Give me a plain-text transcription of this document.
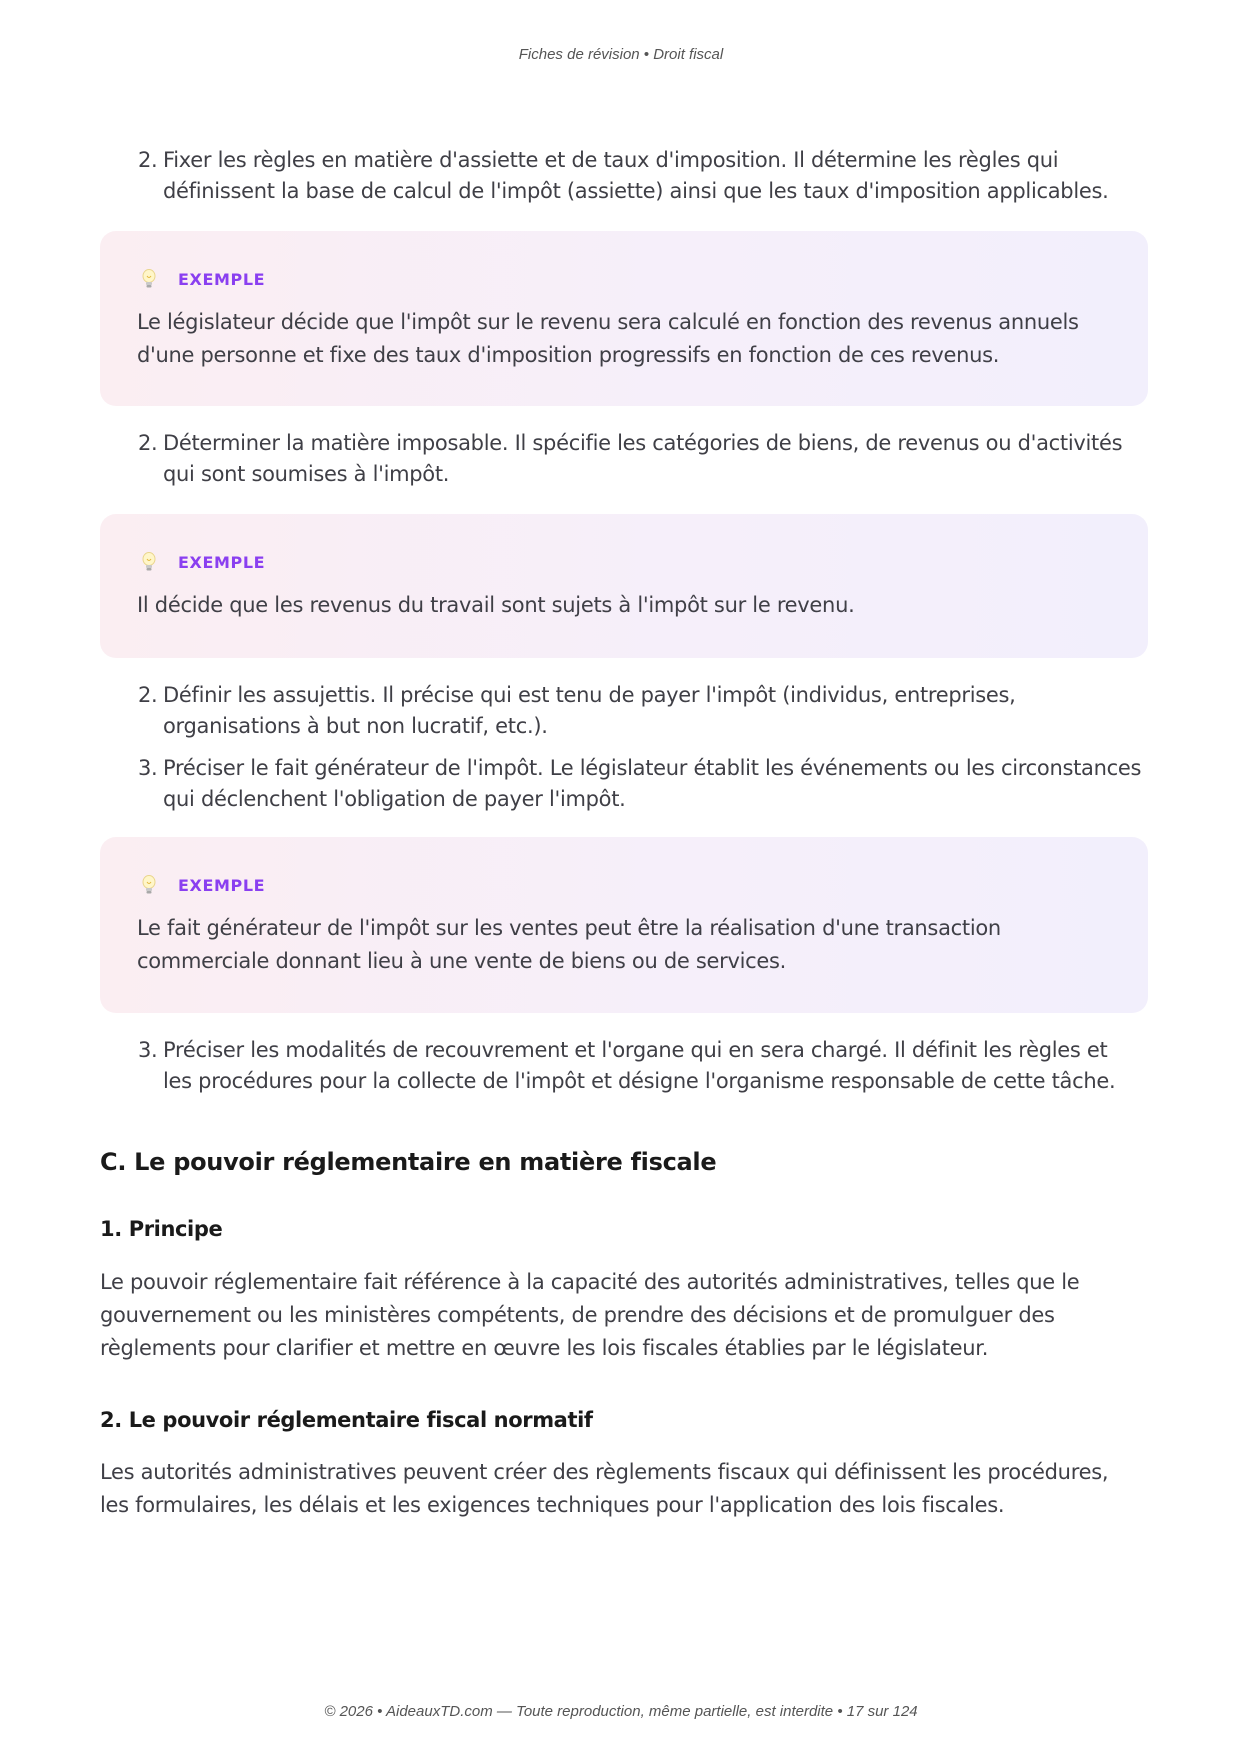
Fiches de révision • Droit fiscal
2. Fixer les règles en matière d'assiette et de taux d'imposition. Il détermine les règles qui définissent la base de calcul de l'impôt (assiette) ainsi que les taux d'imposition applicables.
EXEMPLE
Le législateur décide que l'impôt sur le revenu sera calculé en fonction des revenus annuels d'une personne et fixe des taux d'imposition progressifs en fonction de ces revenus.
2. Déterminer la matière imposable. Il spécifie les catégories de biens, de revenus ou d'activités qui sont soumises à l'impôt.
EXEMPLE
Il décide que les revenus du travail sont sujets à l'impôt sur le revenu.
2. Définir les assujettis. Il précise qui est tenu de payer l'impôt (individus, entreprises, organisations à but non lucratif, etc.).
3. Préciser le fait générateur de l'impôt. Le législateur établit les événements ou les circonstances qui déclenchent l'obligation de payer l'impôt.
EXEMPLE
Le fait générateur de l'impôt sur les ventes peut être la réalisation d'une transaction commerciale donnant lieu à une vente de biens ou de services.
3. Préciser les modalités de recouvrement et l'organe qui en sera chargé. Il définit les règles et les procédures pour la collecte de l'impôt et désigne l'organisme responsable de cette tâche.
C. Le pouvoir réglementaire en matière fiscale
1. Principe
Le pouvoir réglementaire fait référence à la capacité des autorités administratives, telles que le gouvernement ou les ministères compétents, de prendre des décisions et de promulguer des règlements pour clarifier et mettre en œuvre les lois fiscales établies par le législateur.
2. Le pouvoir réglementaire fiscal normatif
Les autorités administratives peuvent créer des règlements fiscaux qui définissent les procédures, les formulaires, les délais et les exigences techniques pour l'application des lois fiscales.
© 2026 • AideauxTD.com — Toute reproduction, même partielle, est interdite • 17 sur 124
